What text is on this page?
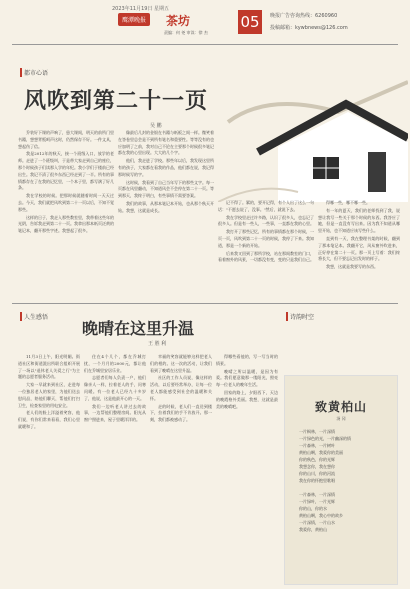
2023年11月19日 星期五
鹰潭晚报	茶坊
责编：何 尧 审读：徐 杰
05	晚报广告咨询热线：6260960
投稿邮箱：kywbnews@126.com
都市心语
风吹到第二十一页
吴 鹏

乔装好下课的声响了，患大课间，明天的前所门里书籍，想想背叛呵声这时，仍然保存不好。一件文具，想起伤了信。

我是2012年的秋天，接一个班级入口，放学的老师。走进了一个班级叫，于是带大家走到自己的座位，那个时候孩子们读那入学的年纪。我小学们于楼前已经出生。我记不清了很多东西已经走到了一半。所有的事情都存在了在我的记忆里，一个本子里，都写满了好几条。

我在学校的时候。把那时候就随着时间一天天过去。今天，我们就把风吹到第二十一页以后，不知不觉那些。

这样的日子，我走入那些教室里，我带着这些年的光阴，告诉我走到第二十一页。我拿出那本纸页泛黄的笔记本，翻开那些字迹。我想起了很多。

像最后几封的金银在书籍与纸板之间一样。微笑着在答卷里总会是不到所有笔名和重要性。等等没有的也应加明了之前，我对自己不论在主要那个时候很多笔记都在我的心里出现。大大的几个字。

他们，我走进了学校。那些年以后，我发现这里所有的孩子，大家都在看我的作品，他们都在说，我记得那时候写的字。

这时候，我看到了自己当年写下的那些文字。每一页都在风里翻动，不知道风会不会停在第二十一页。等到那天，我终于明白，有些事情不需要答案。

我们的故事，从那本笔记本开始，也从那个秋天开始。我想，这就是成长。

记不得了。累的，要开记得，有个人出了这么一句话："不愿去说了，没事。"然后，就说下去。

我在学校里走过许多路，认识了很多人，也忘记了很多人。但是有一些人，一些事，一直都在我的心里。

我打开了那些记忆，所有的事情都在那个时候，一页一页，风吹到第二十一页的时候，我停了下来。我知道，那是一个新的开始。

后来我又回到了那所学校，站在那间教室的门口，看着窗外的风景，一切都没有变，变的只是我们自己。

得哪一些，哪不哪一些。

有一年的夏天，我们的老师找到了我，说想让我写一些关于那个时候的东西。我答应了她，但是一直没有写出来。因为我不知道从哪里开始，也不知道应该写些什么。

直到有一天，我在整理书架的时候，翻到了那本笔记本。我翻开它，风从窗外吹进来，正好停在第二十一页。那一页上写着：我们终将长大，但不要忘记出发时的样子。

我想，这就是我要写的东西。

人生感悟
晚晴在这里升温
王 胜 利

11月3日上午，阳光明媚。街道社区和街道派出所联合组织开展了一场以"退休老人关爱之行"为主题的志愿者服务活动。

大家一早就来到社区，走进每一位独居老人的家里，为他们送去慰问品，陪他们聊天，帮他们打扫卫生，检查家里的用电安全。

老人们的脸上洋溢着笑容，他们说，有你们常来看看，我们心里就暖和了。

住在4个几个，都在乔城打扰，一个月月的2000元，都让他们在乔城里安居乐业。

志愿者们每人负责一户，他们像亲人一样，拉着老人的手，问寒问暖。有一位老人已经九十多岁了，他说，这是他最开心的一天。

我们一边听老人讲过去的故事，一边帮他们整理房间。阳光从窗户照进来，屋子里暖洋洋的。

幸福的笑容就能够这样把老人们的相约。这一次的活动，让我们看到了晚晴在这里升温。

社区的工作人员说，像这样的活动，以后要经常举办，让每一位老人都能感受到社会的温暖和关怀。

走的时候，老人们一直送到楼下，拉着我们的手不肯放开。那一刻，我们都被感动了。

得哪些看他的，写一写当时的情景。

晚晴之所以温暖，是因为有爱。我们愿意做那一缕阳光，照亮每一位老人的晚年生活。

回家的路上，夕阳西下，天边的晚霞格外美丽。我想，这就是最美的晚晴吧。

诗韵时空
致黄柏山
汤 冈
一片枫林，一片深情
一片绿色的光，一片幽深的情
一片森林，一片树叶
黄柏山啊，我爱你的美丽
你的秋色，你的光辉
我想念你，我在想你
你的山川，你的河流
我在你的怀抱里歌唱

一片森林，一片深情
一片绿叶，一片光辉
你的山，你的水
黄柏山啊，我心中的故乡
一片深情，一片山水
我爱你，黄柏山
